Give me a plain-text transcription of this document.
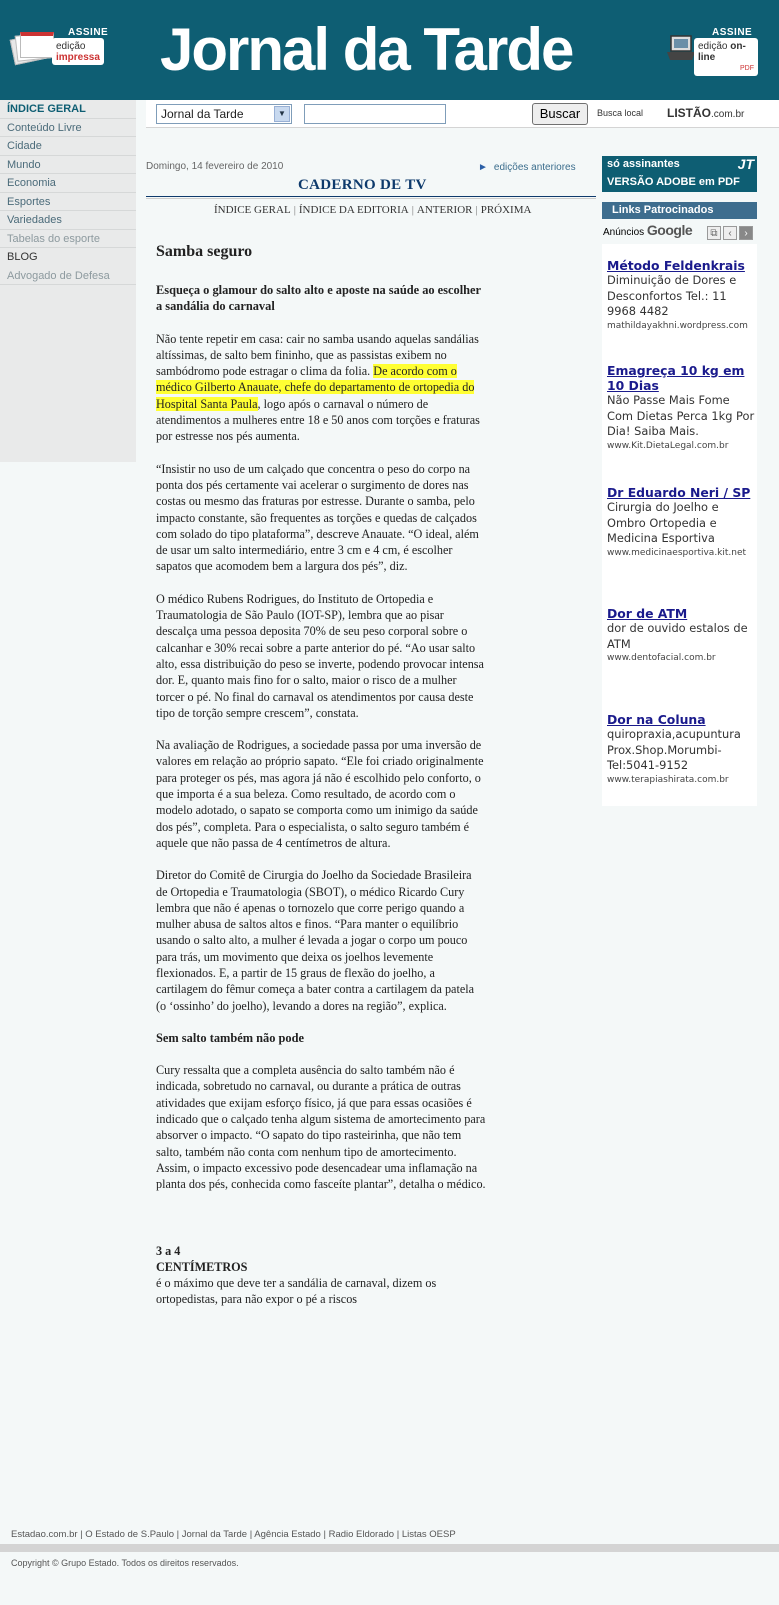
ASSINE
edição
impressa Jornal da Tarde	ASSINE
edição on-line

PDF
ÍNDICE GERAL
Conteúdo Livre
Cidade
Mundo
Economia
Esportes
Variedades
Tabelas do esporte
BLOG
Advogado de Defesa
Jornal da Tarde	▼	Buscar	Busca local LISTÃO.com.br
Domingo, 14 fevereiro de 2010	► edições anteriores
CADERNO DE TV
ÍNDICE GERAL | ÍNDICE DA EDITORIA | ANTERIOR | PRÓXIMA
Samba seguro
Esqueça o glamour do salto alto e aposte na saúde ao escolher a sandália do carnaval

Não tente repetir em casa: cair no samba usando aquelas sandálias altíssimas, de salto bem fininho, que as passistas exibem no sambódromo pode estragar o clima da folia. De acordo com o médico Gilberto Anauate, chefe do departamento de ortopedia do Hospital Santa Paula, logo após o carnaval o número de atendimentos a mulheres entre 18 e 50 anos com torções e fraturas por estresse nos pés aumenta.

“Insistir no uso de um calçado que concentra o peso do corpo na ponta dos pés certamente vai acelerar o surgimento de dores nas costas ou mesmo das fraturas por estresse. Durante o samba, pelo impacto constante, são frequentes as torções e quedas de calçados com solado do tipo plataforma”, descreve Anauate. “O ideal, além de usar um salto intermediário, entre 3 cm e 4 cm, é escolher sapatos que acomodem bem a largura dos pés”, diz.

O médico Rubens Rodrigues, do Instituto de Ortopedia e Traumatologia de São Paulo (IOT-SP), lembra que ao pisar descalça uma pessoa deposita 70% de seu peso corporal sobre o calcanhar e 30% recai sobre a parte anterior do pé. “Ao usar salto alto, essa distribuição do peso se inverte, podendo provocar intensa dor. E, quanto mais fino for o salto, maior o risco de a mulher torcer o pé. No final do carnaval os atendimentos por causa deste tipo de torção sempre crescem”, constata.

Na avaliação de Rodrigues, a sociedade passa por uma inversão de valores em relação ao próprio sapato. “Ele foi criado originalmente para proteger os pés, mas agora já não é escolhido pelo conforto, o que importa é a sua beleza. Como resultado, de acordo com o modelo adotado, o sapato se comporta como um inimigo da saúde dos pés”, completa. Para o especialista, o salto seguro também é aquele que não passa de 4 centímetros de altura.

Diretor do Comitê de Cirurgia do Joelho da Sociedade Brasileira de Ortopedia e Traumatologia (SBOT), o médico Ricardo Cury lembra que não é apenas o tornozelo que corre perigo quando a mulher abusa de saltos altos e finos. “Para manter o equilíbrio usando o salto alto, a mulher é levada a jogar o corpo um pouco para trás, um movimento que deixa os joelhos levemente flexionados. E, a partir de 15 graus de flexão do joelho, a cartilagem do fêmur começa a bater contra a cartilagem da patela (o ‘ossinho’ do joelho), levando a dores na região”, explica.

Sem salto também não pode

Cury ressalta que a completa ausência do salto também não é indicada, sobretudo no carnaval, ou durante a prática de outras atividades que exijam esforço físico, já que para essas ocasiões é indicado que o calçado tenha algum sistema de amortecimento para absorver o impacto. “O sapato do tipo rasteirinha, que não tem salto, também não conta com nenhum tipo de amortecimento. Assim, o impacto excessivo pode desencadear uma inflamação na planta dos pés, conhecida como fasceíte plantar”, detalha o médico.

3 a 4
CENTÍMETROS
é o máximo que deve ter a sandália de carnaval, dizem os ortopedistas, para não expor o pé a riscos
só assinantes	JT
VERSÃO ADOBE em PDF
Links Patrocinados
Anúncios Google	⧉ ‹ ›
Método Feldenkrais
Diminuição de Dores e Desconfortos Tel.: 11 9968 4482
mathildayakhni.wordpress.com
Emagreça 10 kg em 10 Dias
Não Passe Mais Fome Com Dietas Perca 1kg Por Dia! Saiba Mais.
www.Kit.DietaLegal.com.br
Dr Eduardo Neri / SP
Cirurgia do Joelho e Ombro Ortopedia e Medicina Esportiva
www.medicinaesportiva.kit.net
Dor de ATM
dor de ouvido estalos de ATM
www.dentofacial.com.br
Dor na Coluna
quiropraxia,acupuntura Prox.Shop.Morumbi-Tel:5041-9152
www.terapiashirata.com.br
Estadao.com.br | O Estado de S.Paulo | Jornal da Tarde | Agência Estado | Radio Eldorado | Listas OESP
Copyright © Grupo Estado. Todos os direitos reservados.
